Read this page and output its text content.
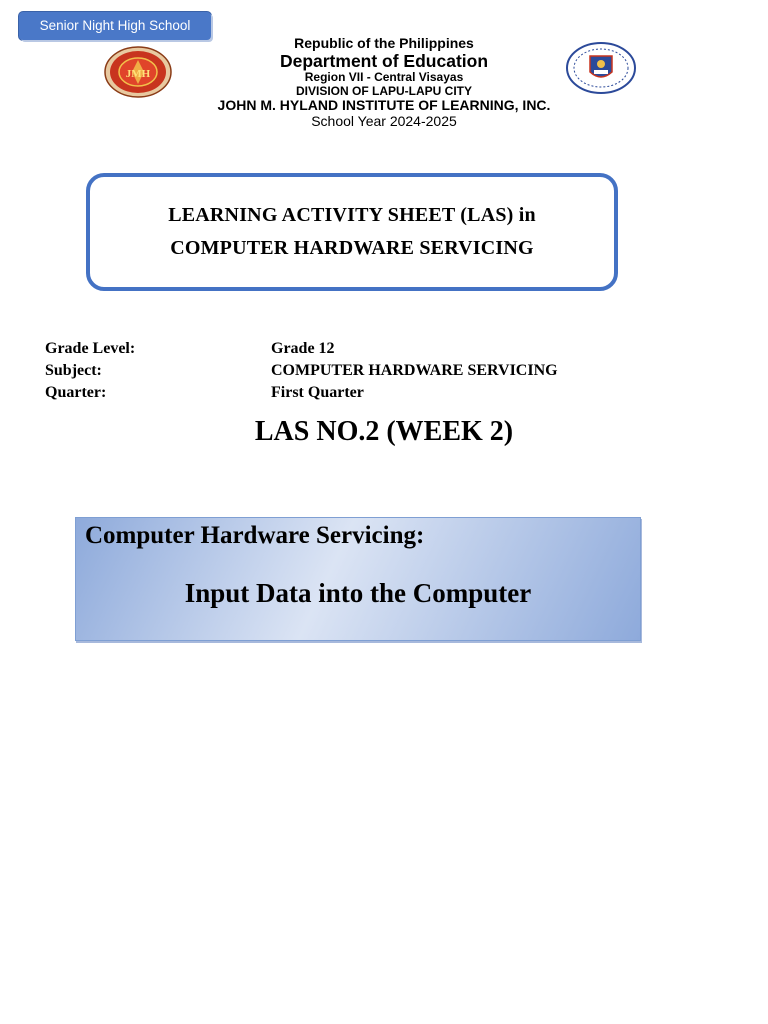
Senior Night High School
JMH
Republic of the Philippines
Department of Education
Region VII - Central Visayas
DIVISION OF LAPU-LAPU CITY
JOHN M. HYLAND INSTITUTE OF LEARNING, INC.
School Year 2024-2025
LEARNING ACTIVITY SHEET (LAS) in
COMPUTER HARDWARE SERVICING
Grade Level:	Grade 12
Subject:	COMPUTER HARDWARE SERVICING
Quarter:	First Quarter
LAS NO.2 (WEEK 2)
Computer Hardware Servicing:
Input Data into the Computer
